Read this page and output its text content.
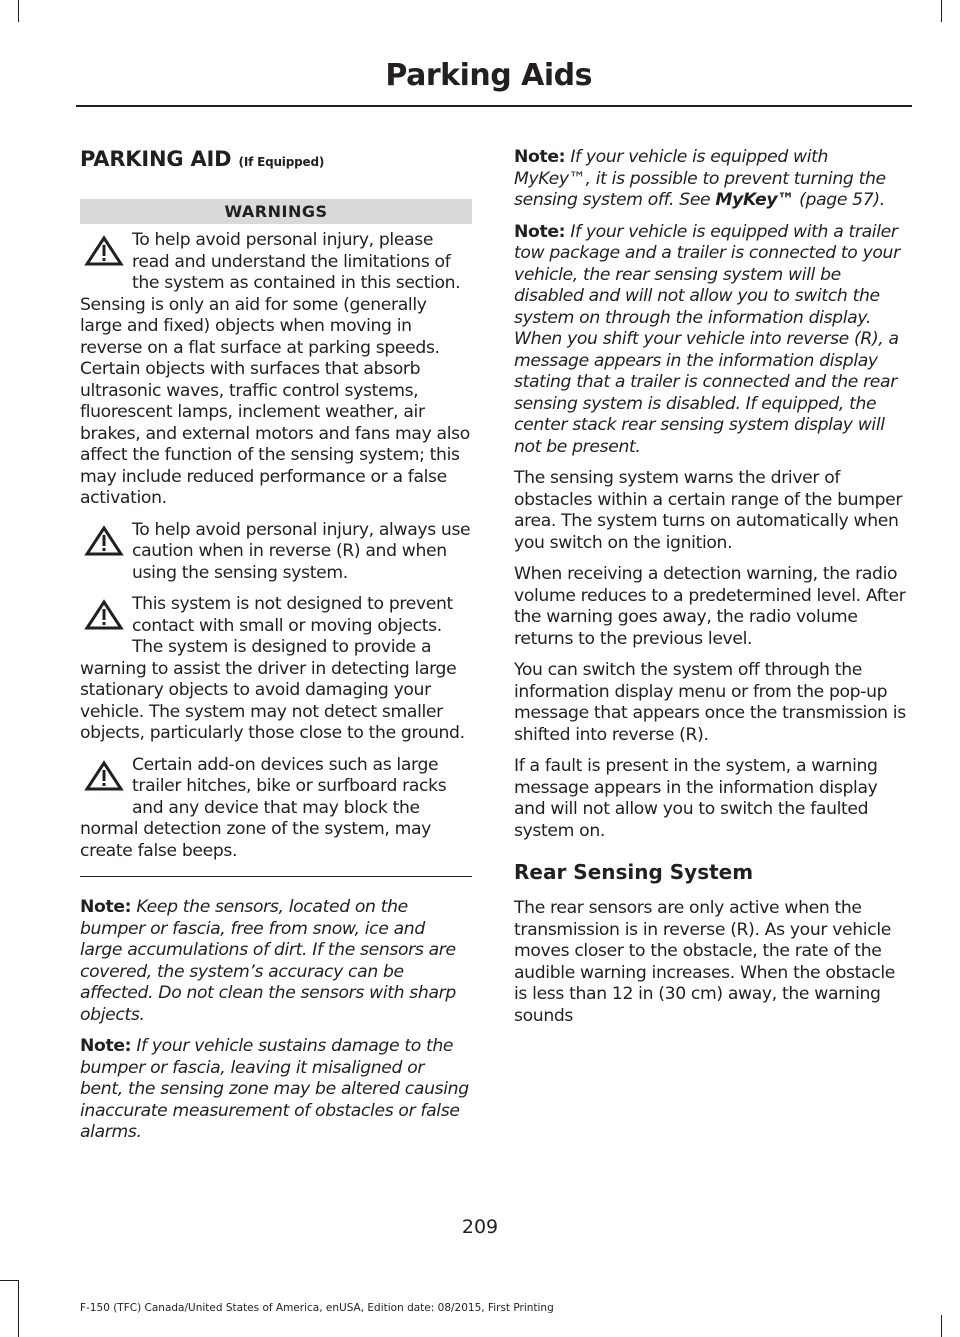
Parking Aids
PARKING AID (If Equipped)
WARNINGS
To help avoid personal injury, please read and understand the limitations of the system as contained in this section. Sensing is only an aid for some (generally large and fixed) objects when moving in reverse on a flat surface at parking speeds. Certain objects with surfaces that absorb ultrasonic waves, traffic control systems, fluorescent lamps, inclement weather, air brakes, and external motors and fans may also affect the function of the sensing system; this may include reduced performance or a false activation.
To help avoid personal injury, always use caution when in reverse (R) and when using the sensing system.
This system is not designed to prevent contact with small or moving objects. The system is designed to provide a warning to assist the driver in detecting large stationary objects to avoid damaging your vehicle. The system may not detect smaller objects, particularly those close to the ground.
Certain add-on devices such as large trailer hitches, bike or surfboard racks and any device that may block the normal detection zone of the system, may create false beeps.

Note: Keep the sensors, located on the bumper or fascia, free from snow, ice and large accumulations of dirt. If the sensors are covered, the system’s accuracy can be affected. Do not clean the sensors with sharp objects.

Note: If your vehicle sustains damage to the bumper or fascia, leaving it misaligned or bent, the sensing zone may be altered causing inaccurate measurement of obstacles or false alarms.

Note: If your vehicle is equipped with MyKey™, it is possible to prevent turning the sensing system off. See MyKey™ (page 57).

Note: If your vehicle is equipped with a trailer tow package and a trailer is connected to your vehicle, the rear sensing system will be disabled and will not allow you to switch the system on through the information display. When you shift your vehicle into reverse (R), a message appears in the information display stating that a trailer is connected and the rear sensing system is disabled. If equipped, the center stack rear sensing system display will not be present.

The sensing system warns the driver of obstacles within a certain range of the bumper area. The system turns on automatically when you switch on the ignition.

When receiving a detection warning, the radio volume reduces to a predetermined level. After the warning goes away, the radio volume returns to the previous level.

You can switch the system off through the information display menu or from the pop-up message that appears once the transmission is shifted into reverse (R).

If a fault is present in the system, a warning message appears in the information display and will not allow you to switch the faulted system on.

Rear Sensing System

The rear sensors are only active when the transmission is in reverse (R). As your vehicle moves closer to the obstacle, the rate of the audible warning increases. When the obstacle is less than 12 in (30 cm) away, the warning sounds

209
F-150 (TFC) Canada/United States of America, enUSA, Edition date: 08/2015, First Printing
